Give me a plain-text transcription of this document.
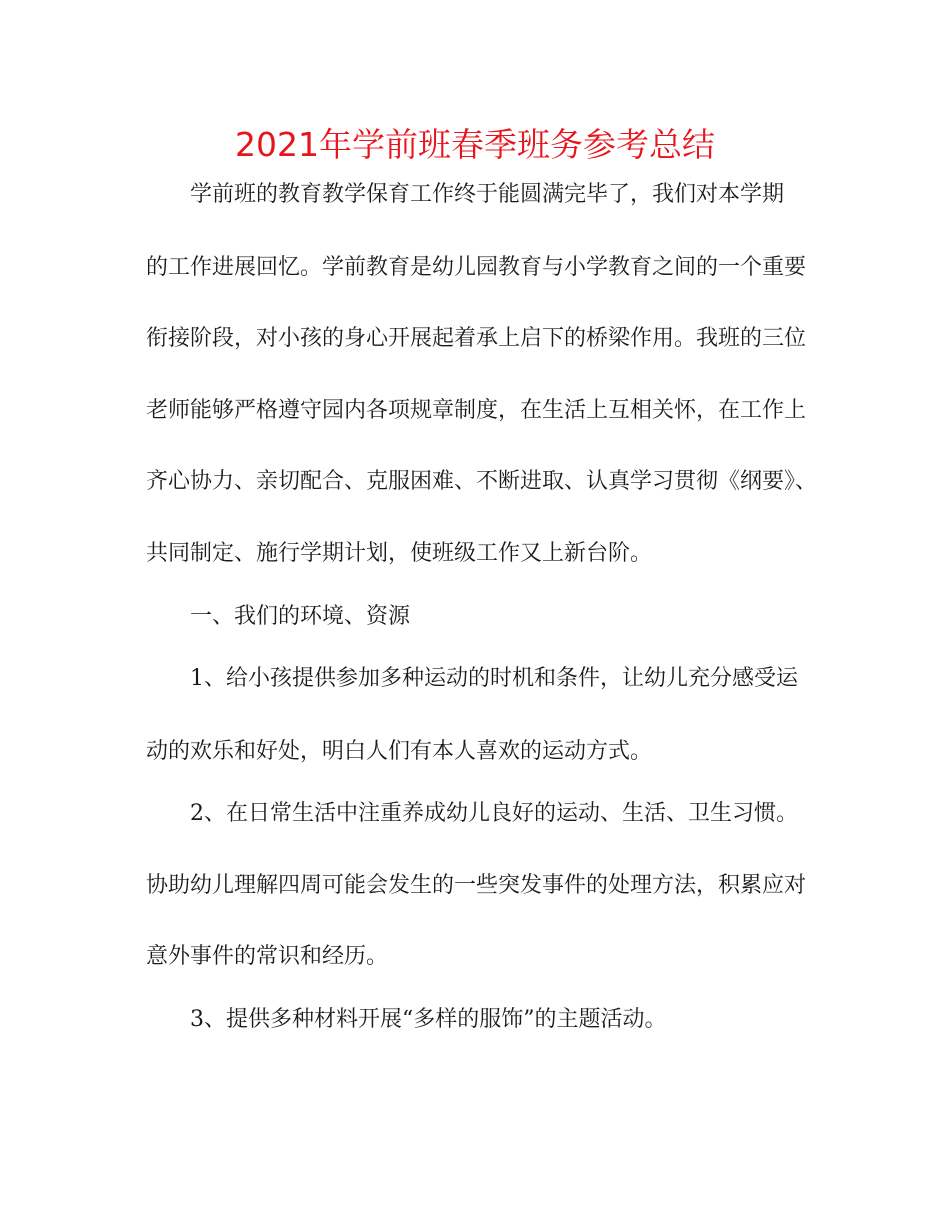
2021年学前班春季班务参考总结

学前班的教育教学保育工作终于能圆满完毕了，我们对本学期

的工作进展回忆。学前教育是幼儿园教育与小学教育之间的一个重要

衔接阶段，对小孩的身心开展起着承上启下的桥梁作用。我班的三位

老师能够严格遵守园内各项规章制度，在生活上互相关怀，在工作上

齐心协力、亲切配合、克服困难、不断进取、认真学习贯彻《纲要》、

共同制定、施行学期计划，使班级工作又上新台阶。

一、我们的环境、资源

1、给小孩提供参加多种运动的时机和条件，让幼儿充分感受运

动的欢乐和好处，明白人们有本人喜欢的运动方式。

2、在日常生活中注重养成幼儿良好的运动、生活、卫生习惯。

协助幼儿理解四周可能会发生的一些突发事件的处理方法，积累应对

意外事件的常识和经历。

3、提供多种材料开展“多样的服饰”的主题活动。
